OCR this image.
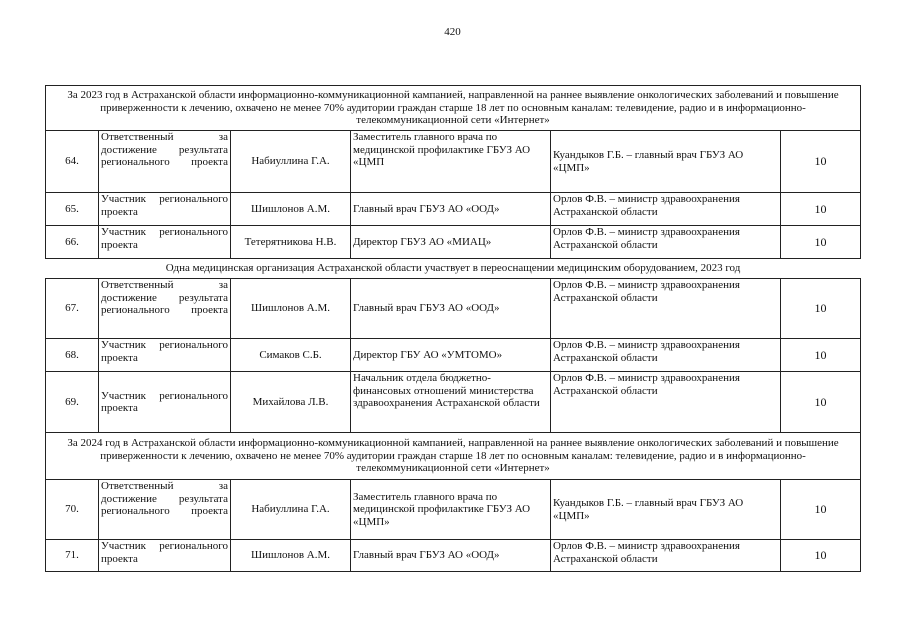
420
За 2023 год в Астраханской области информационно-коммуникационной кампанией, направленной на раннее выявление онкологических заболеваний и повышение приверженности к лечению, охвачено не менее 70% аудитории граждан старше 18 лет по основным каналам: телевидение, радио и в информационно-телекоммуникационной сети «Интернет»					
64.	Ответственный за достижение результата регионального проекта	Набиуллина Г.А.	Заместитель главного врача по медицинской профилактике ГБУЗ АО «ЦМП	Куандыков Г.Б. – главный врач ГБУЗ АО «ЦМП»	10
65.	Участник регионального проекта	Шишлонов А.М.	Главный врач ГБУЗ АО «ООД»	Орлов Ф.В. – министр здравоохранения Астраханской области	10
66.	Участник регионального проекта	Тетерятникова Н.В.	Директор ГБУЗ АО «МИАЦ»	Орлов Ф.В. – министр здравоохранения Астраханской области	10
Одна медицинская организация Астраханской области участвует в переоснащении медицинским оборудованием, 2023 год					
67.	Ответственный за достижение результата регионального проекта	Шишлонов А.М.	Главный врач ГБУЗ АО «ООД»	Орлов Ф.В. – министр здравоохранения Астраханской области	10
68.	Участник регионального проекта	Симаков С.Б.	Директор ГБУ АО «УМТОМО»	Орлов Ф.В. – министр здравоохранения Астраханской области	10
69.	Участник регионального проекта	Михайлова Л.В.	Начальник отдела бюджетно- финансовых отношений министерства здравоохранения Астраханской области	Орлов Ф.В. – министр здравоохранения Астраханской области	10
За 2024 год в Астраханской области информационно-коммуникационной кампанией, направленной на раннее выявление онкологических заболеваний и повышение приверженности к лечению, охвачено не менее 70% аудитории граждан старше 18 лет по основным каналам: телевидение, радио и в информационно-телекоммуникационной сети «Интернет»					
70.	Ответственный за достижение результата регионального проекта	Набиуллина Г.А.	Заместитель главного врача по медицинской профилактике ГБУЗ АО «ЦМП»	Куандыков Г.Б. – главный врач ГБУЗ АО «ЦМП»	10
71.	Участник регионального проекта	Шишлонов А.М.	Главный врач ГБУЗ АО «ООД»	Орлов Ф.В. – министр здравоохранения Астраханской области	10
